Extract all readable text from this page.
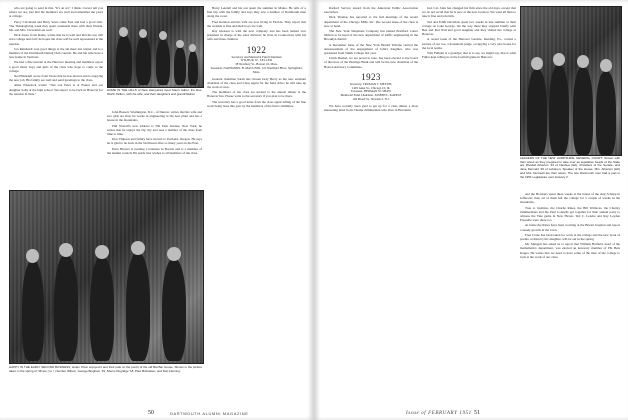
who are going to send in this. "It's an art," I think. I never tell you where we are, just that the members are well and remember the years at college.

Percy Cleveland and Betty Sears came East and had a good visit. The Thanksgiving week they spent weekends there with their friends. Mr. and Mrs. Cleveland are well.

Dick Jones, from Rome, writes that he is well and that his son will start college next fall; he hopes the class will be well represented at the reunion.

Jon Reinhardt won good things at the ski meet last winter and is a member of the Dartmouth Outing Club council. He and his wife have a new home in Vermont.

We had a fine turnout at the Hanover meeting and members report a good many boys and girls of the class who hope to come to the college.

Ned Blaisdell wrote from Texas that he has moved and is enjoying the new job. His family are well and send greetings to the class.

Aims Wheelock writes: "Our son Peter is at Exeter and our daughter Sally at the high school. We expect to be back in Hanover for the reunion in June."

HOME IN THE HILLS of New Hampshire lived Stan's father, the Rev. Worth Tarlton, with his wife, and their daughters and grandchildren.

John Bassett, Washington, D.C., of Denver, writes that his wife and two girls are fine; he works in engineering at the new plant and has a house in the mountains.

Phil Worrell's new address is 350 Park Avenue, New York; he writes that he enjoys the big city and sees a number of the class from time to time.

Don Vhipson and family have moved to Portland, Oregon. He says he is glad to be back in the Northwest after so many years in the East.

Dave Brewer is running a business in Boston and is a member of the alumni council. He sends best wishes to all members of the class.

Harry Lendall and his son spent the summer in Maine. He tells of a fine trip with the family and says they saw a number of Dartmouth men along the coast.

Fred Kennon and his wife are now living in Florida. They report that the weather is fine and their boys are well.

Ray Gleason is with the new company and has been named vice president in charge of the sales division; he lives in Connecticut with his wife and three children.

1922
Secretary and Memorial Fund Chairman
WILBUR W. SELLER
38 Newbury St., Boston 16, Mass.
Treasurer, NATHANIEL B. MACUNIN, 121 Westfield Blvd., Springfield, Mass.

General chairman Sarah has chosen Gray Berry as the new assistant chairman of the class and Class Agent for the fund drive; he will take up the work at once.

The members of the class are invited to the annual dinner at the Hanover Inn. Please write to the secretary if you plan to be there.

The secretary has a good letter from the class agent telling of the fine work being done this year by the members of the fund committee.

HAPPY IN THE EARLY SECOND BUSINESS, Hiram Tilton enjoyed it and their pals on the porch of the old Bat Bar House. Shown in the picture taken in the spring of '38 are ( to r ) Sorden Wilson, George Bingham '19, Sherry Rugridge '18, Paul Michalsen, and Dan Fleming.
50	DARTMOUTH ALUMNI MAGAZINE

Ratford Service Award from the American Public Association executives.

Dick Thomas has reported to the full meetings of the recent department of the Chicago Mills, Inc. The second issue of the class is now at hand.

The New York Telephone Company has named Bradford Carter Ohlson to be head of the new department of traffic engineering in the Brooklyn district.

A December issue of the New York Herald Tribune carried the announcement of the engagement of John's daughter, who was graduated from Smith College last year.

Chick Bushel, we are proud to note, has been elected to the board of directors of the Heritage Bank and will be the new chairman of the Boston Advisory Committee.

1923
Secretary, TRUMAN T. METZEL
1405 Anne St., Chicago 10, Ill.
Treasurer, HERMAN W. SHAW
Memorial Fund Chairman, JOSEPH L. KAPPLE
149 Broad St., Newark 2, N.J.

We have recently been glad to get up for a class dinner a most interesting letter from Charlie Zimmerman who lives in Honolulu.

Jud, Cal, John has changed his firm since the old days, except that we do not recall that he is now at the new location. We want all men to take it fine and join him.

Ted and Edith Davidson spent two weeks in late summer at their cottage on Lake George. On the way there they stopped briefly with Ben and Ibel Nall and good daughter and they visited the college at Hanover.

A recent issue of the Hanover Gazette, Reading, Pa., carried a picture of our Joe, a household judge, occupying a very nice house for the local teams.

Tom Fulham is a grandpa; that is to say, we might say, that is what Fuller kept telling us at the football game in Hanover.

LEADERS OF THE NEW HAMPSHIRE GENERAL COURT: Shown with their wives as they prepared to take over as legislative heads of the State are Rhodell Atherton '23 of Nashua (left), President of the Senate, and Jane Denneld '29 of Lebanon, Speaker of the House. Mrs. Atherton (left) and Mrs. Denneld are their wives. The two Dartmouth men had a part in the 1951 Legislature next January 3.

and the Bowkers spent three weeks at the house of the Aug Schapp in Jefferson; then all of them left the college for a couple of weeks in the mountains.

True to tradition, the Charlie Rines, the Bill Wallaces, the Charley Zimmermans and the Paul Connells got together for their annual party to witness the Yale game in New Haven. Ted C. Lendre and Ray Leyden Fresselle were there too.

At home the Rines have been working at the Bristol hospital and report a steady growth in the town.

Fred Crane has been taken for work at the college and the new book of poems, written by his daughter, will be out in the spring.

Mr. Mengett has asked us to report that William Hatfield, head of the mathematics department, was elected an honorary member of Phi Beta Kappa. He writes that we need to have some of the men of the college to look at the work of our class.

Issue of FEBRUARY 1951 51
